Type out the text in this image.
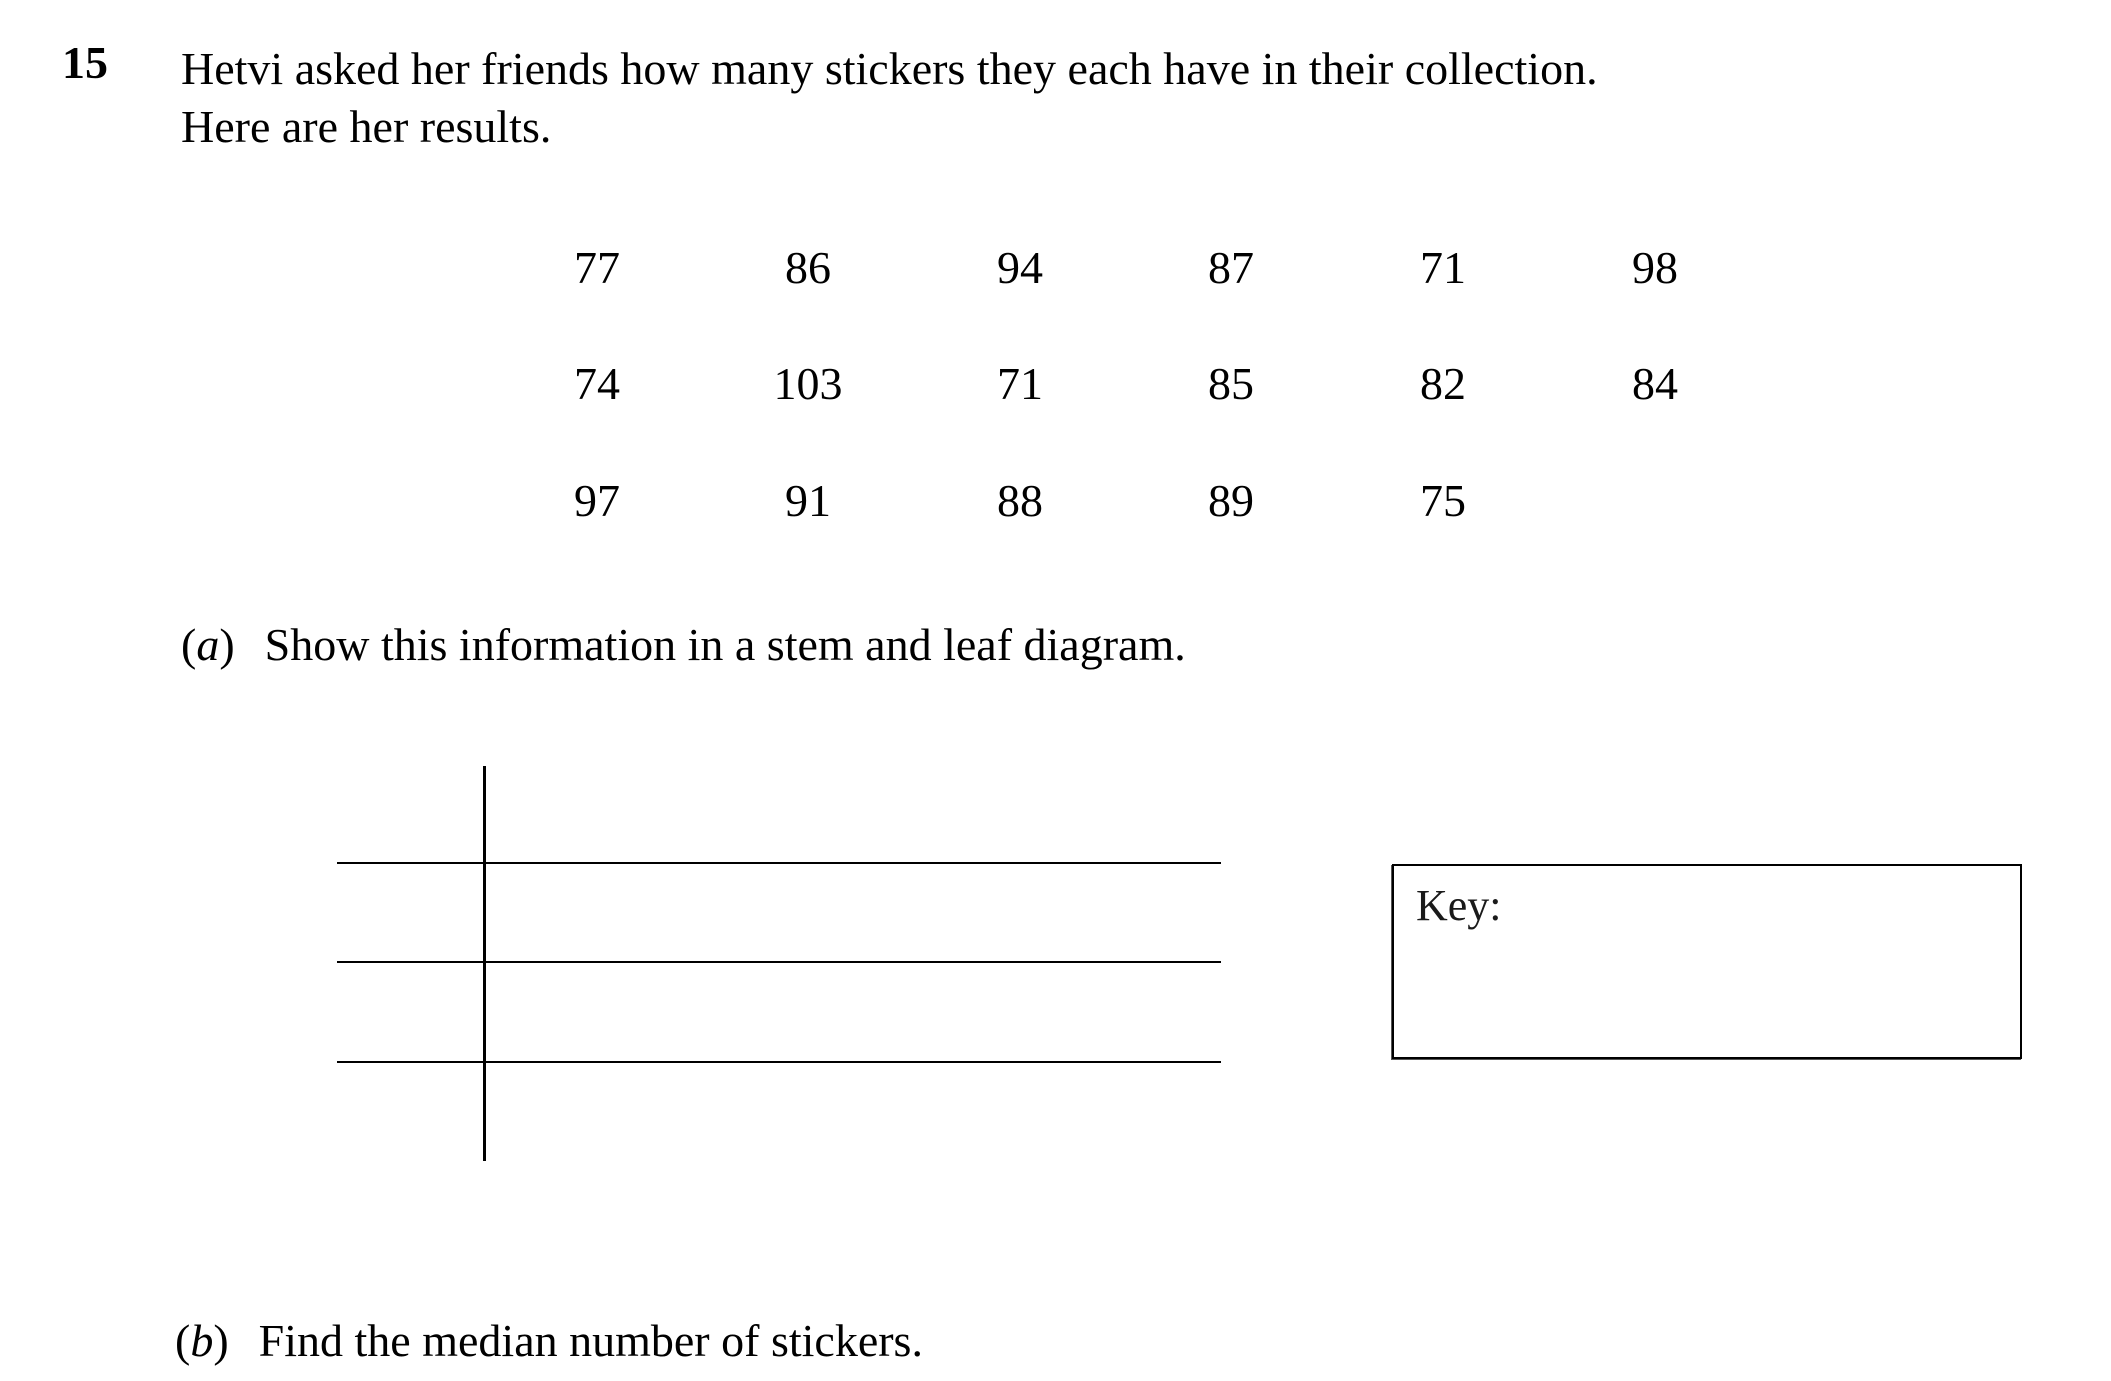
15 Hetvi asked her friends how many stickers they each have in their collection.
Here are her results.
77	86	94	87	71	98
74	103	71	85	82	84
97	91	88	89	75
(a) Show this information in a stem and leaf diagram.
Key:
(b) Find the median number of stickers.
